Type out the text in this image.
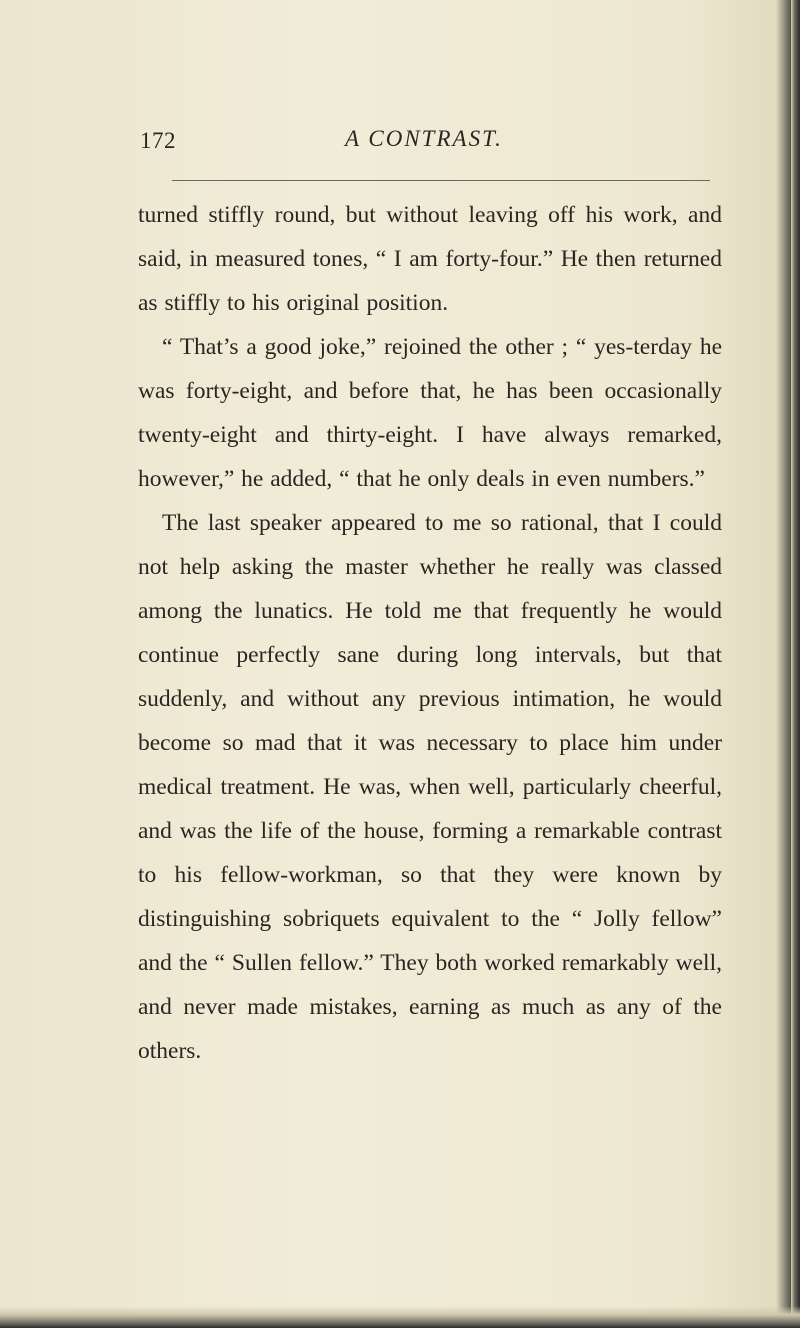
172	A CONTRAST.

turned stiffly round, but without leaving off his work, and said, in measured tones, “ I am forty-four.” He then returned as stiffly to his original position.

“ That’s a good joke,” rejoined the other ; “ yes-terday he was forty-eight, and before that, he has been occasionally twenty-eight and thirty-eight. I have always remarked, however,” he added, “ that he only deals in even numbers.”

The last speaker appeared to me so rational, that I could not help asking the master whether he really was classed among the lunatics. He told me that frequently he would continue perfectly sane during long intervals, but that suddenly, and without any previous intimation, he would become so mad that it was necessary to place him under medical treatment. He was, when well, particularly cheerful, and was the life of the house, forming a remarkable contrast to his fellow-workman, so that they were known by distinguishing sobriquets equivalent to the “ Jolly fellow” and the “ Sullen fellow.” They both worked remarkably well, and never made mistakes, earning as much as any of the others.
